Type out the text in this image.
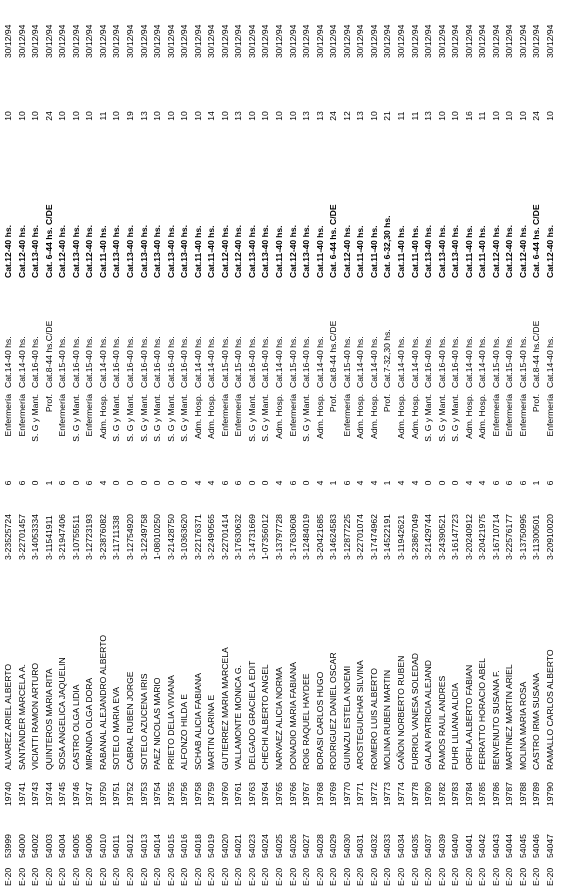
E-20
53999
19740
ALVAREZ ARIEL ALBERTO
3-23525724
6
Enfermería
Cat.14-40 hs.
Cat.12-40 hs.
10
30/12/94
E-20
54000
19741
SANTANDER MARCELA A.
3-22701457
6
Enfermería
Cat.14-40 hs.
Cat.12-40 hs.
10
30/12/94
E-20
54002
19743
VICIATTI RAMON ARTURO
3-14053334
0
S. G y Mant.
Cat.16-40 hs.
Cat.13-40 hs.
10
30/12/94
E-20
54003
19744
QUINTEROS MARIA RITA
3-11541911
1
Prof.
Cat.8-44 hs.C/DE
Cat. 6-44 hs. C/DE
24
30/12/94
E-20
54004
19745
SOSA ANGELICA JAQUELIN
3-21947406
6
Enfermería
Cat.15-40 hs.
Cat.12-40 hs.
10
30/12/94
E-20
54005
19746
CASTRO OLGA LIDIA
3-10755511
0
S. G y Mant.
Cat.16-40 hs.
Cat.13-40 hs.
10
30/12/94
E-20
54006
19747
MIRANDA OLGA DORA
3-12723193
6
Enfermería
Cat.15-40 hs.
Cat.12-40 hs.
10
30/12/94
E-20
54010
19750
RABANAL ALEJANDRO ALBERTO
3-23876082
4
Adm. Hosp.
Cat.14-40 hs.
Cat.11-40 hs.
11
30/12/94
E-20
54011
19751
SOTELO MARIA EVA
3-11711338
0
S. G y Mant.
Cat.16-40 hs.
Cat.13-40 hs.
10
30/12/94
E-20
54012
19752
CABRAL RUBEN JORGE
3-12754920
0
S. G y Mant.
Cat.16-40 hs.
Cat.13-40 hs.
19
30/12/94
E-20
54013
19753
SOTELO AZUCENA IRIS
3-12249758
0
S. G y Mant.
Cat.16-40 hs.
Cat.13-40 hs.
13
30/12/94
E-20
54014
19754
PAEZ NICOLAS MARIO
1-08010250
0
S. G y Mant.
Cat.16-40 hs.
Cat.13-40 hs.
10
30/12/94
E-20
54015
19755
PRIETO DELIA VIVIANA
3-21428750
0
S. G y Mant.
Cat.16-40 hs.
Cat.13-40 hs.
10
30/12/94
E-20
54016
19756
ALFONZO HILDA E
3-10363620
0
S. G y Mant.
Cat.16-40 hs.
Cat.13-40 hs.
10
30/12/94
E-20
54018
19758
SCHAB ALICIA FABIANA
3-22176371
4
Adm. Hosp.
Cat.14-40 hs.
Cat.11-40 hs.
10
30/12/94
E-20
54019
19759
MARTIN CARINA E
3-22490565
4
Adm. Hosp.
Cat.14-40 hs.
Cat.11-40 hs.
14
30/12/94
E-20
54020
19760
GUTIERREZ MARIA MARCELA
3-22701414
6
Enfermería
Cat.15-40 hs.
Cat.12-40 hs.
10
30/12/94
E-20
54021
19761
VALLAMONTE MONICA G.
3-17630632
6
Enfermería
Cat.15-40 hs.
Cat.12-40 hs.
13
30/12/94
E-20
54023
19763
DELGADO GRACIELA EDIT
3-14731669
0
S. G y Mant.
Cat.16-40 hs.
Cat.13-40 hs.
10
30/12/94
E-20
54024
19764
CHECHI ALBERTO ANGEL
1-07356012
0
S. G y Mant.
Cat.16-40 hs.
Cat.13-40 hs.
10
30/12/94
E-20
54025
19765
NARVAEZ ALICIA NORMA
3-13797728
4
Adm. Hosp.
Cat.14-40 hs.
Cat.11-40 hs.
10
30/12/94
E-20
54026
19766
DONADIO MARIA FABIANA
3-17630608
6
Enfermería
Cat.15-40 hs.
Cat.12-40 hs.
10
30/12/94
E-20
54027
19767
ROIG RAQUEL HAYDEE
3-12484019
0
S. G y Mant.
Cat.16-40 hs.
Cat.13-40 hs.
13
30/12/94
E-20
54028
19768
BORASI CARLOS HUGO
3-20421685
4
Adm. Hosp.
Cat.14-40 hs.
Cat.11-40 hs.
13
30/12/94
E-20
54029
19769
RODRIGUEZ DANIEL OSCAR
3-14624583
1
Prof.
Cat.8-44 hs.C/DE
Cat. 6-44 hs. C/DE
24
30/12/94
E-20
54030
19770
GUINAZU ESTELA NOEMI
3-12877225
6
Enfermería
Cat.15-40 hs.
Cat.12-40 hs.
12
30/12/94
E-20
54031
19771
AROSTEGUICHAR SILVINA
3-22701074
4
Adm. Hosp.
Cat.14-40 hs.
Cat.11-40 hs.
13
30/12/94
E-20
54032
19772
ROMERO LUIS ALBERTO
3-17474962
4
Adm. Hosp.
Cat.14-40 hs.
Cat.11-40 hs.
10
30/12/94
E-20
54033
19773
MOLINA RUBEN MARTIN
3-14522191
1
Prof.
Cat.7-32,30 hs.
Cat. 6-32,30 hs.
21
30/12/94
E-20
54034
19774
CAÑON NORBERTO RUBEN
3-11942621
4
Adm. Hosp.
Cat.14-40 hs.
Cat.11-40 hs.
11
30/12/94
E-20
54035
19778
FURRIOL VANESA SOLEDAD
3-23867049
4
Adm. Hosp.
Cat.14-40 hs.
Cat.11-40 hs.
11
30/12/94
E-20
54037
19780
GALAN PATRICIA ALEJAND
3-21429744
0
S. G y Mant.
Cat.16-40 hs.
Cat.13-40 hs.
13
30/12/94
E-20
54039
19782
RAMOS RAUL ANDRES
3-24390521
0
S. G y Mant.
Cat.16-40 hs.
Cat.13-40 hs.
10
30/12/94
E-20
54040
19783
FUHR LILIANA ALICIA
3-16147723
0
S. G y Mant.
Cat.16-40 hs.
Cat.13-40 hs.
10
30/12/94
E-20
54041
19784
ORFILA ALBERTO FABIAN
3-20240912
4
Adm. Hosp.
Cat.14-40 hs.
Cat.11-40 hs.
16
30/12/94
E-20
54042
19785
FERRATTO HORACIO ABEL
3-20421975
4
Adm. Hosp.
Cat.14-40 hs.
Cat.11-40 hs.
11
30/12/94
E-20
54043
19786
BENVENUTO SUSANA F.
3-16710714
6
Enfermería
Cat.15-40 hs.
Cat.12-40 hs.
10
30/12/94
E-20
54044
19787
MARTINEZ MARTIN ARIEL
3-22576177
6
Enfermería
Cat.15-40 hs.
Cat.12-40 hs.
10
30/12/94
E-20
54045
19788
MOLINA MARIA ROSA
3-13750995
6
Enfermería
Cat.15-40 hs.
Cat.12-40 hs.
10
30/12/94
E-20
54046
19789
CASTRO IRMA SUSANA
3-11300501
1
Prof.
Cat.8-44 hs.C/DE
Cat. 6-44 hs. C/DE
24
30/12/94
E-20
54047
19790
RAMALLO CARLOS ALBERTO
3-20910020
6
Enfermería
Cat.14-40 hs.
Cat.12-40 hs.
10
30/12/94
